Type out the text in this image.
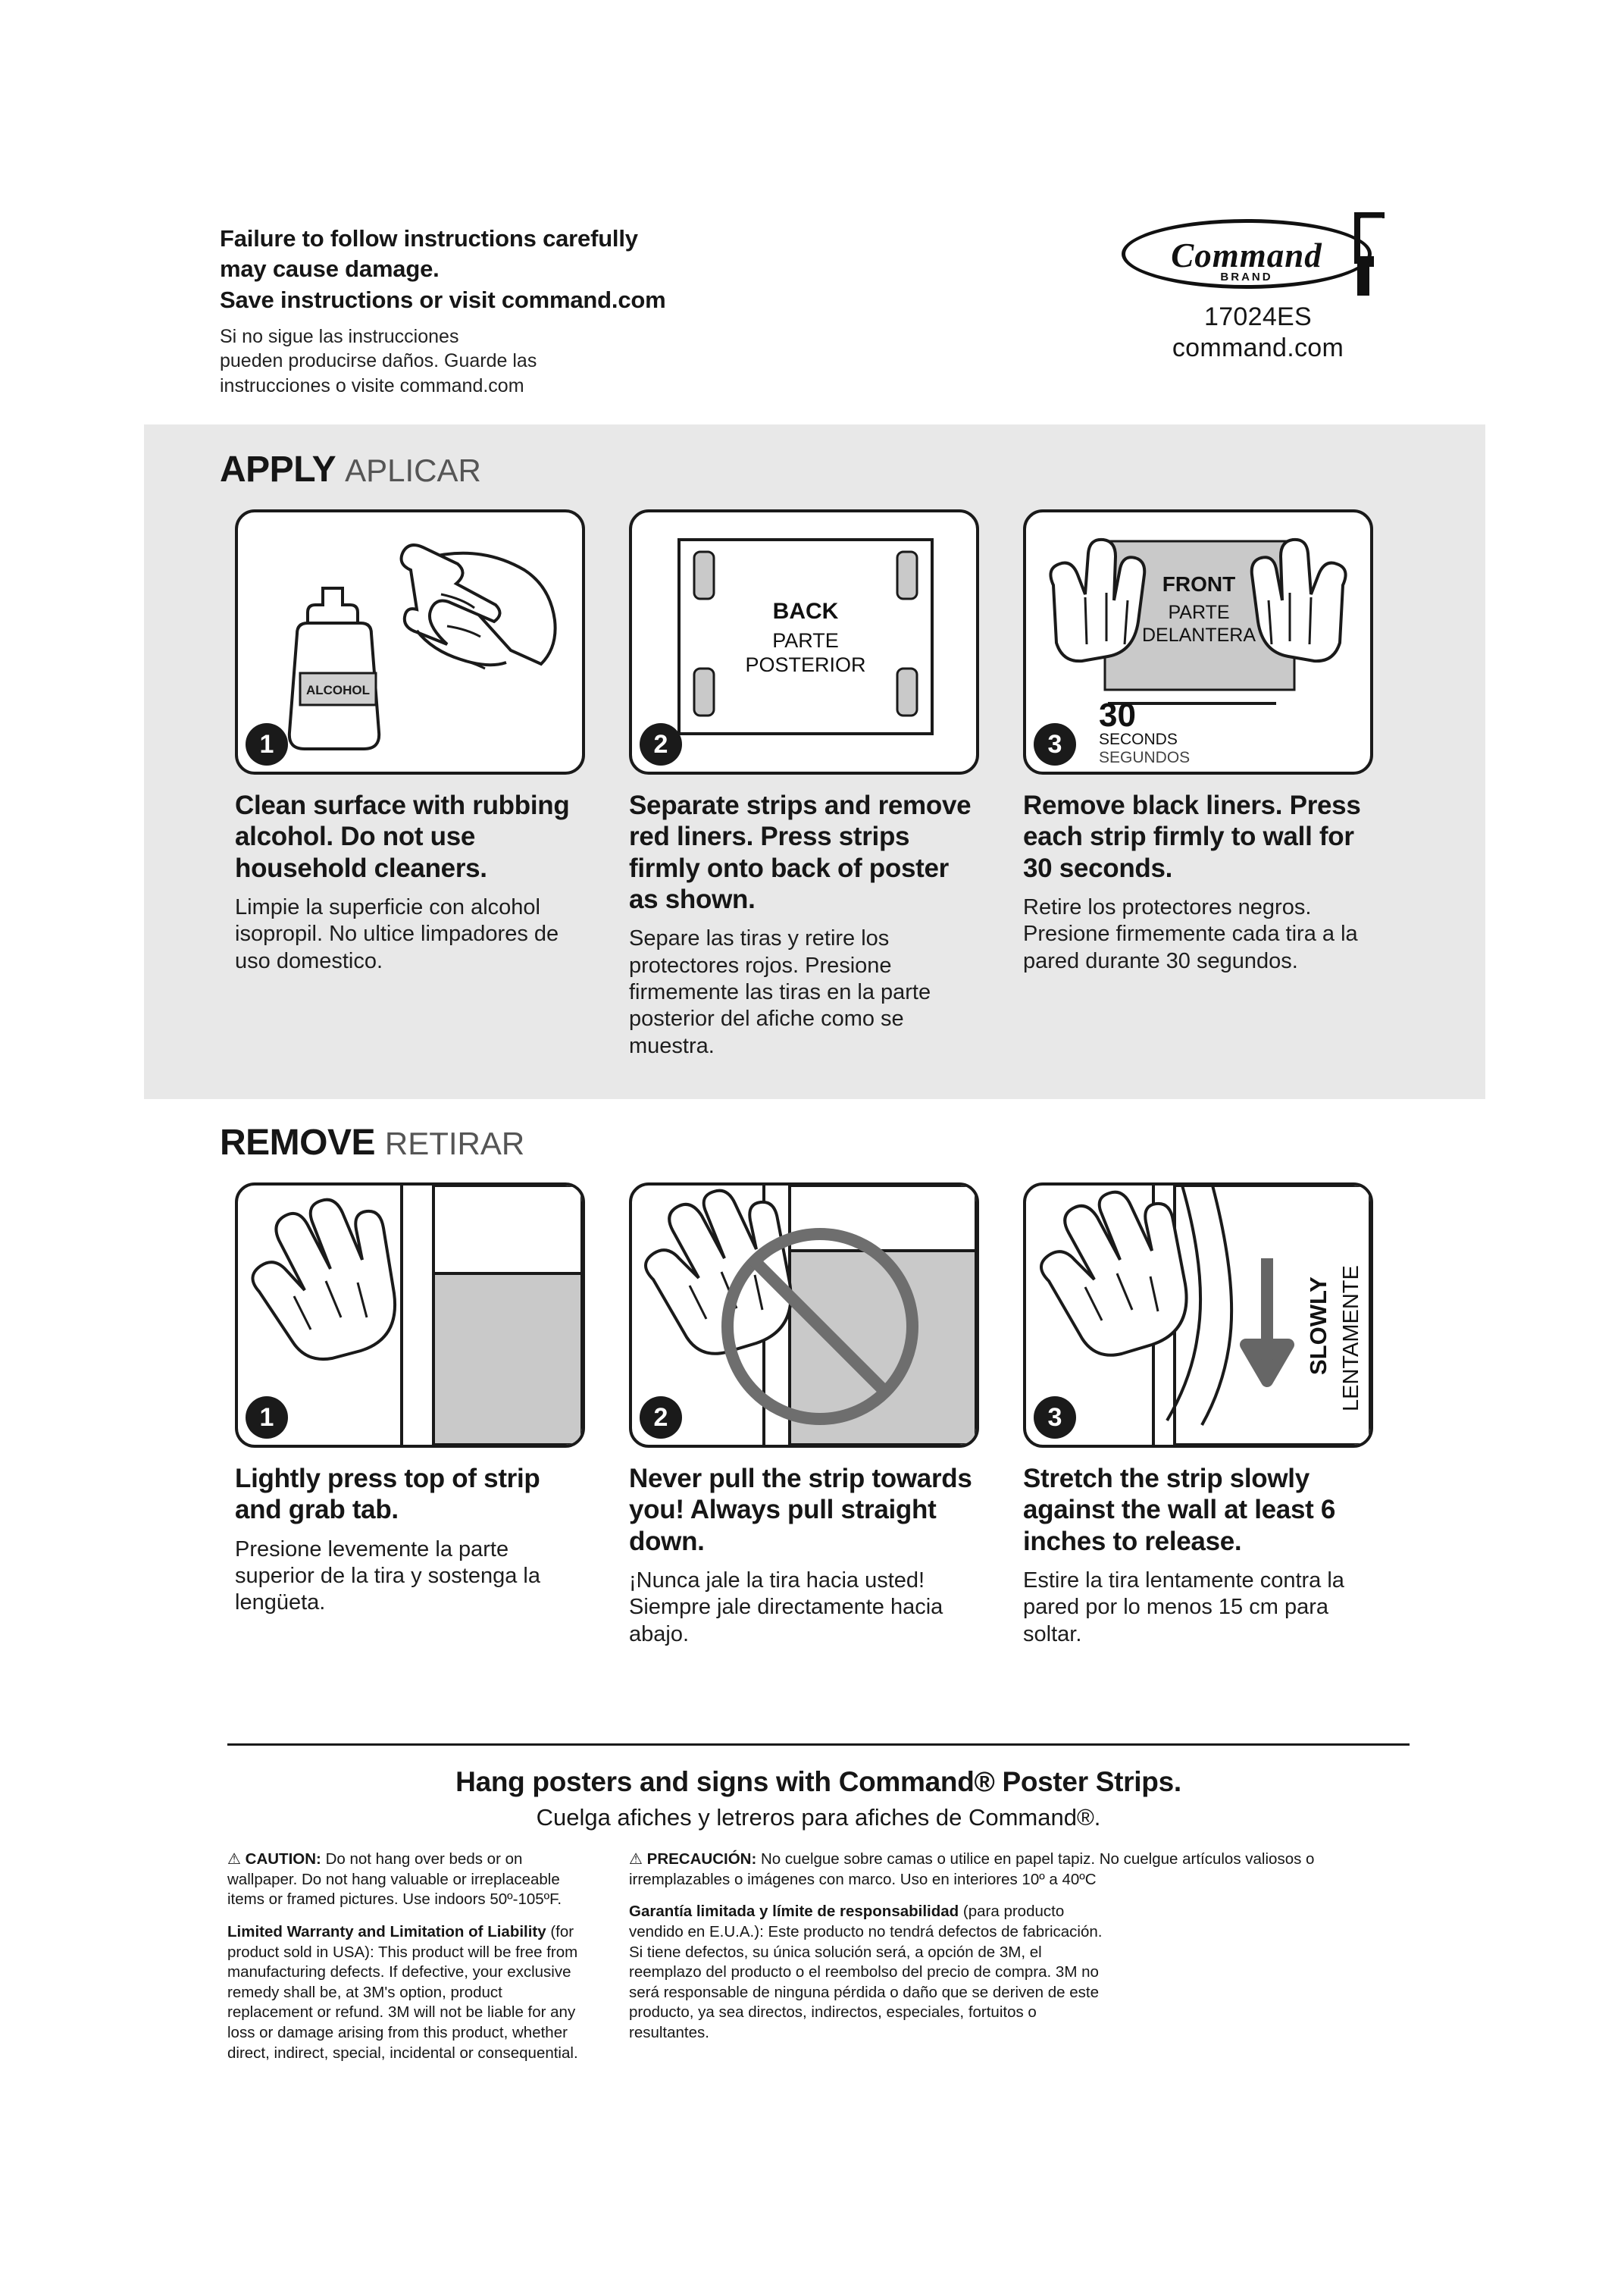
Failure to follow instructions carefully
may cause damage.
Save instructions or visit command.com
Si no sigue las instrucciones
pueden producirse daños. Guarde las
instrucciones o visite command.com
Command
BRAND
17024ES
command.com
APPLY APLICAR
ALCOHOL
1
Clean surface with rubbing alcohol. Do not use household cleaners.
Limpie la superficie con alcohol isopropil. No ultice limpadores de uso domestico.
BACK
PARTE
POSTERIOR
2
Separate strips and remove red liners. Press strips firmly onto back of poster as shown.
Separe las tiras y retire los protectores rojos. Presione firmemente las tiras en la parte posterior del afiche como se muestra.
FRONT
PARTE
DELANTERA
30
SECONDS
SEGUNDOS
3
Remove black liners. Press each strip firmly to wall for 30 seconds.
Retire los protectores negros. Presione firmemente cada tira a la pared durante 30 segundos.
REMOVE RETIRAR
1
Lightly press top of strip and grab tab.
Presione levemente la parte superior de la tira y sostenga la lengüeta.
2
Never pull the strip towards you! Always pull straight down.
¡Nunca jale la tira hacia usted! Siempre jale directamente hacia abajo.
SLOWLY LENTAMENTE
3
Stretch the strip slowly against the wall at least 6 inches to release.
Estire la tira lentamente contra la pared por lo menos 15 cm para soltar.
Hang posters and signs with Command® Poster Strips.
Cuelga afiches y letreros para afiches de Command®.
⚠ CAUTION: Do not hang over beds or on wallpaper. Do not hang valuable or irreplaceable items or framed pictures. Use indoors 50º-105ºF.
Limited Warranty and Limitation of Liability (for product sold in USA): This product will be free from manufacturing defects. If defective, your exclusive remedy shall be, at 3M's option, product replacement or refund. 3M will not be liable for any loss or damage arising from this product, whether direct, indirect, special, incidental or consequential.
⚠ PRECAUCIÓN: No cuelgue sobre camas o utilice en papel tapiz. No cuelgue artículos valiosos o irremplazables o imágenes con marco. Uso en interiores 10º a 40ºC
Garantía limitada y límite de responsabilidad (para producto vendido en E.U.A.): Este producto no tendrá defectos de fabricación. Si tiene defectos, su única solución será, a opción de 3M, el reemplazo del producto o el reembolso del precio de compra. 3M no será responsable de ninguna pérdida o daño que se deriven de este producto, ya sea directos, indirectos, especiales, fortuitos o resultantes.
